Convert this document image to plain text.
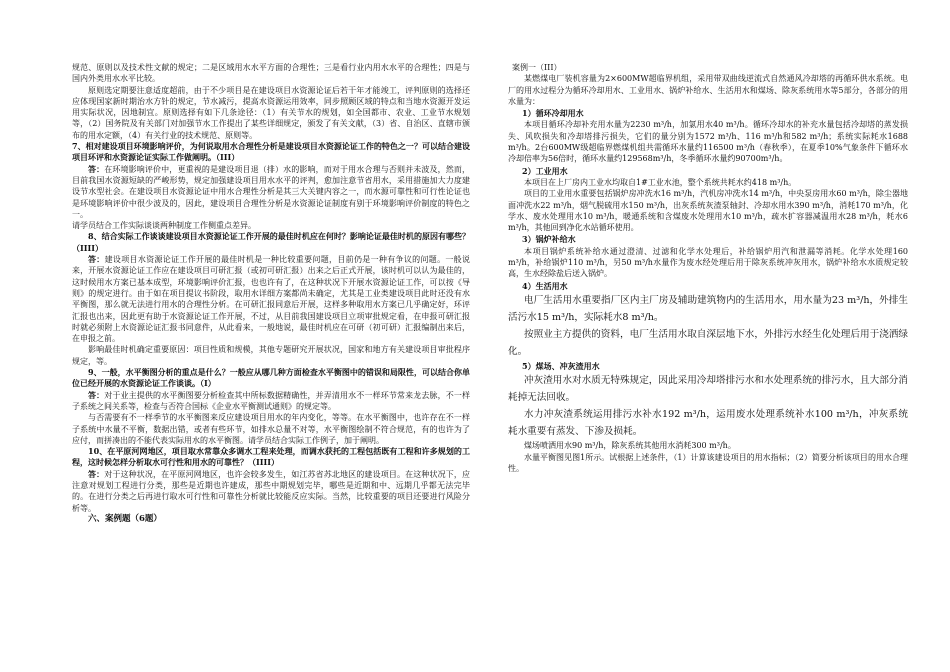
规范、原则以及技术性文献的规定；二是区域用水水平方面的合理性；三是看行业内用水水平的合理性；四是与国内外类用水水平比较。

原则选定期要注意适度超前，由于不少项目是在建设项目水资源论证后若干年才能竣工，评判原则的选择还应体现国家新时期治水方针的规定，节水减污，提高水资源运用效率，同步照顾区域的特点和当地水资源开发运用实际状况，因地制宜。原则选择有如下几条途径：（1）有关节水的规划，如全国都市、农业、工业节水规划等，（2）国务院及有关部门对加强节水工作提出了某些详细规定，颁发了有关文献，（3）省、自治区、直辖市颁布的用水定额，（4）有关行业的技术规范、原则等。

7、相对建设项目环境影响评价，为何说取用水合理性分析是建设项目水资源论证工作的特色之一？可以结合建设项目环评和水资源论证实际工作做阐明。（III）

答：在环境影响评价中，更重视的是建设项目退（排）水的影响，而对于用水合理与否则并未波及，然而，目前我国水资源短缺的严峻形势，规定加强建设项目用水水平的评判，愈加注意节省用水，采用措施加大力度建设节水型社会。在建设项目水资源论证中用水合理性分析是其三大关键内容之一，而水源可靠性和可行性论证也是环境影响评价中很少波及的，因此，建设项目合理性分析是水资源论证制度有别于环境影响评价制度的特色之一。

请学员结合工作实际谈谈两种制度工作侧重点差异。

8、结合实际工作谈谈建设项目水资源论证工作开展的最佳时机应在何时？影响论证最佳时机的原因有哪些？（IIII）

答：建设项目水资源论证工作开展的最佳时机是一种比较重要问题，目前仍是一种有争议的问题。一般说来，开展水资源论证工作应在建设项目可研汇报（或初可研汇报）出来之后正式开展，该时机可以认为最佳的，这时候用水方案已基本成型，环境影响评价汇报，也也许有了，在这种状况下开展水资源论证工作，可以按《导则》的规定进行。由于如在项目提议书阶段，取用水详细方案都尚未确定，尤其是工业类建设项目此时还没有水平衡图，那么就无法进行用水的合理性分析。在可研汇报同意后开展，这样多种取用水方案已几乎确定好，环评汇报也出来，因此更有助于水资源论证工作开展，不过，从目前我国建设项目立项审批规定看，在申报可研汇报时就必须附上水资源论证汇报书同意件，从此看来，一般地说，最佳时机应在可研（初可研）汇报编制出来后，在申报之前。

影响最佳时机确定重要原因：项目性质和规模，其他专题研究开展状况，国家和地方有关建设项目审批程序规定，等。

9、一般，水平衡图分析的重点是什么？一般应从哪几种方面检查水平衡图中的错误和局限性，可以结合你单位已经开展的水资源论证工作谈谈。（I）

答：对于业主提供的水平衡图要分析检查其中所标数据精确性，并弄清用水不一样环节常来龙去脉，不一样子系统之间关系等，检查与否符合国标《企业水平衡测试通则》的规定等。

与否需要有不一样季节的水平衡图来反应建设项目用水的年内变化，等等。在水平衡图中，也许存在不一样子系统中水量不平衡，数据出错，或者有些环节，如排水总量不对等，水平衡图绘制不符合规范，有的也许为了应付，而拼凑出的不能代表实际用水的水平衡图。请学员结合实际工作例子，加于阐明。

10、在平原河网地区，项目取水常靠众多调水工程来处理，而调水获托的工程包括既有工程和许多规划的工程，这时候怎样分析取水可行性和用水的可靠性？（IIII）

答：对于这种状况，在平原河网地区，也许会较多发生，如江苏省苏北地区的建设项目。在这种状况下，应注意对规划工程进行分类，那些是近期也许建成，那些中期规划完毕，哪些是近期和中、远期几乎都无法完毕的。在进行分类之后再进行取水可行性和可靠性分析就比较能反应实际。当然，比较重要的项目还要进行风险分析等。

六、案例题（6题）

案例一（III）

某燃煤电厂装机容量为2×600MW超临界机组，采用带双曲线逆流式自然通风冷却塔的再循环供水系统。电厂的用水过程分为循环冷却用水、工业用水、锅炉补给水、生活用水和煤场、除灰系统用水等5部分，各部分的用水量为：

1）循环冷却用水

本项目循环冷却补充用水量为2230 m³/h，加氯用水40 m³/h。循环冷却水的补充水量包括冷却塔的蒸发损失、风吹损失和冷却塔排污损失，它们的量分别为1572 m³/h、116 m³/h和582 m³/h；系统实际耗水1688 m³/h。2台600MW级超临界燃煤机组共需循环水量约116500 m³/h（春秋季），在夏季10%气象条件下循环水冷却倍率为56倍时，循环水量约129568m³/h，冬季循环水量约90700m³/h。

2）工业用水

本项目在上厂房内工业水均取自1#工业水池，整个系统共耗水约418 m³/h。

项目的工业用水重要包括锅炉房冲洗水16 m³/h，汽机房冲洗水14 m³/h，中央泵房用水60 m³/h，除尘器地面冲洗水22 m³/h，烟气脱硫用水150 m³/h，出灰系统灰渣泵轴封、冷却水用水390 m³/h，消耗170 m³/h，化学水、废水处理用水10 m³/h，暖通系统和含煤废水处理用水10 m³/h，疏水扩容器减温用水28 m³/h，耗水6 m³/h，其他回到净化水站循环使用。

3）锅炉补给水

本项目锅炉系统补给水通过澄清、过滤和化学水处理后，补给锅炉用汽和泄漏等消耗。化学水处理160 m³/h，补给锅炉110 m³/h，另50 m³/h水量作为废水经处理后用于除灰系统冲灰用水，锅炉补给水水质规定较高，生水经除盐后送入锅炉。

4）生活用水

电厂生活用水重要指厂区内主厂房及辅助建筑物内的生活用水，用水量为23 m³/h，外排生活污水15 m³/h，实际耗水8 m³/h。

按照业主方提供的资料，电厂生活用水取自深层地下水，外排污水经生化处理后用于浇洒绿化。

5）煤场、冲灰渣用水

冲灰渣用水对水质无特殊规定，因此采用冷却塔排污水和水处理系统的排污水，且大部分消耗掉无法回收。

水力冲灰渣系统运用排污水补水192 m³/h，运用废水处理系统补水100 m³/h，冲灰系统耗水重要有蒸发、下渗及损耗。

煤场喷洒用水90 m³/h，除灰系统其他用水消耗300 m³/h。

水量平衡图见图1所示。试根据上述条件，（1）计算该建设项目的用水指标；（2）简要分析该项目的用水合理性。
